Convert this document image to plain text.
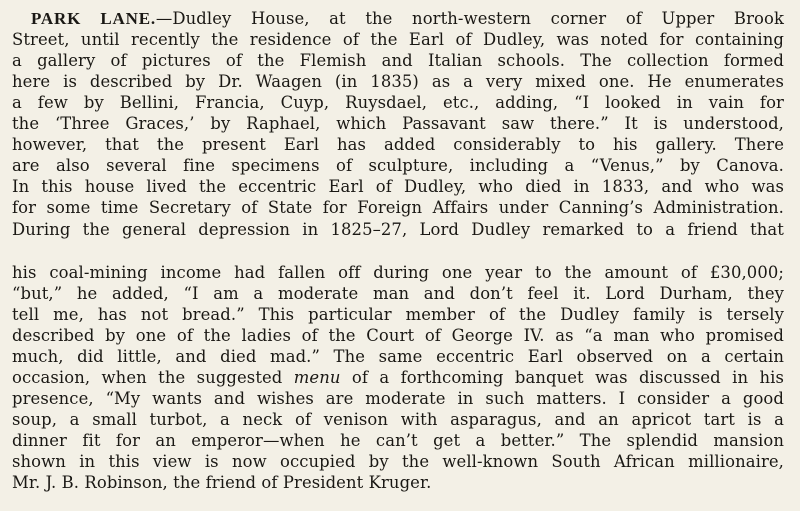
PARK LANE.—Dudley House, at the north-western corner of Upper Brook
Street, until recently the residence of the Earl of Dudley, was noted for containing
a gallery of pictures of the Flemish and Italian schools. The collection formed
here is described by Dr. Waagen (in 1835) as a very mixed one. He enumerates
a few by Bellini, Francia, Cuyp, Ruysdael, etc., adding, “I looked in vain for
the ‘Three Graces,’ by Raphael, which Passavant saw there.” It is understood,
however, that the present Earl has added considerably to his gallery. There
are also several fine specimens of sculpture, including a “Venus,” by Canova.
In this house lived the eccentric Earl of Dudley, who died in 1833, and who was
for some time Secretary of State for Foreign Affairs under Canning’s Administration.
During the general depression in 1825–27, Lord Dudley remarked to a friend that
his coal-mining income had fallen off during one year to the amount of £30,000;
“but,” he added, “I am a moderate man and don’t feel it. Lord Durham, they
tell me, has not bread.” This particular member of the Dudley family is tersely
described by one of the ladies of the Court of George IV. as “a man who promised
much, did little, and died mad.” The same eccentric Earl observed on a certain
occasion, when the suggested menu of a forthcoming banquet was discussed in his
presence, “My wants and wishes are moderate in such matters. I consider a good
soup, a small turbot, a neck of venison with asparagus, and an apricot tart is a
dinner fit for an emperor—when he can’t get a better.” The splendid mansion
shown in this view is now occupied by the well-known South African millionaire,
Mr. J. B. Robinson, the friend of President Kruger.
